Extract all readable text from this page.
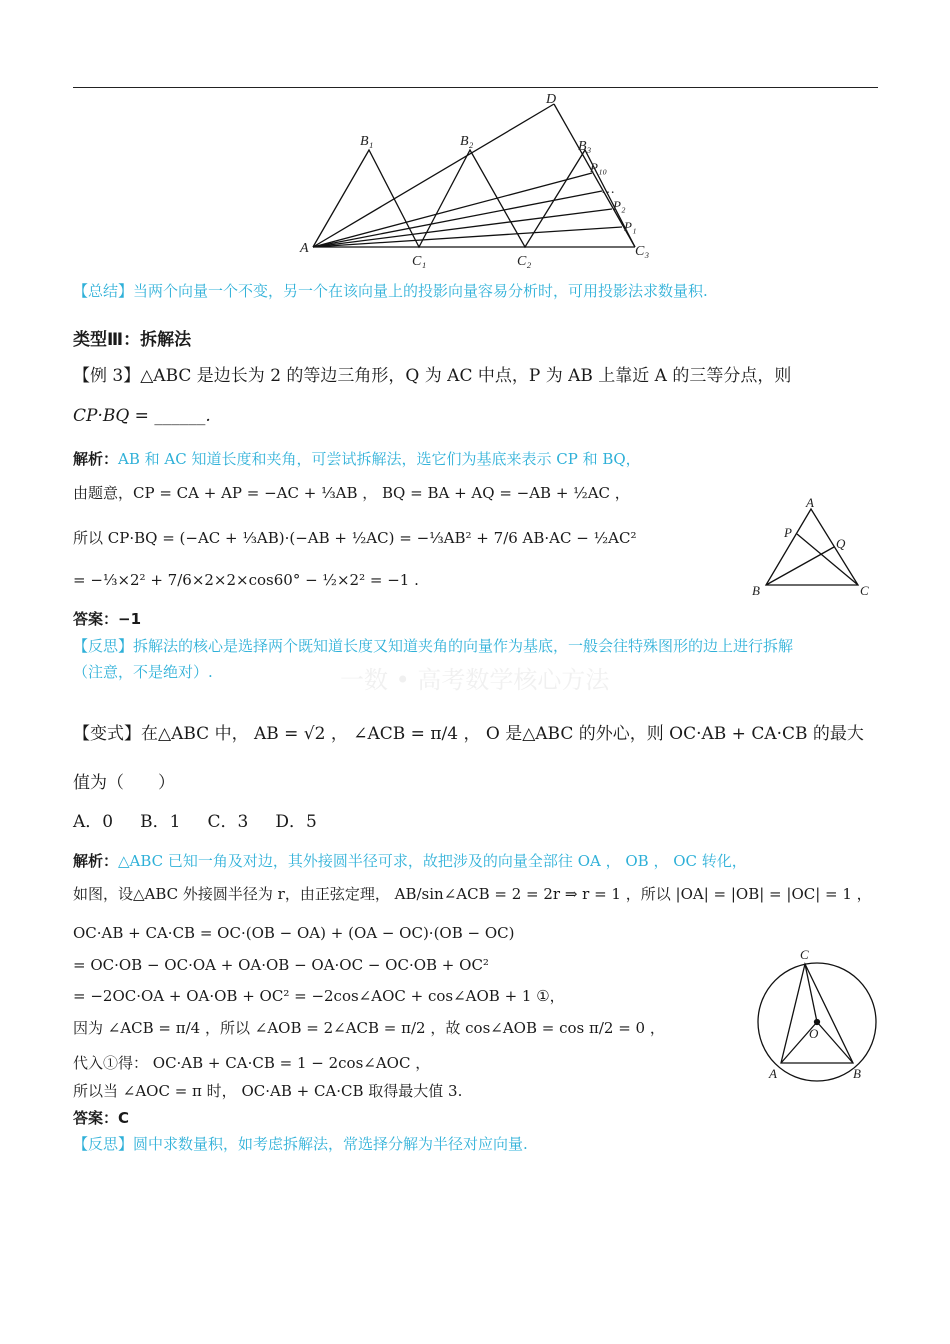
A
B₁	B₂	B₃
C₁	C₂
C₃
D
P₁₀
…
P₂
P₁
【总结】当两个向量一个不变，另一个在该向量上的投影向量容易分析时，可用投影法求数量积.
类型Ⅲ：拆解法
【例 3】△ABC 是边长为 2 的等边三角形，Q 为 AC 中点，P 为 AB 上靠近 A 的三等分点，则
CP·BQ = ______.
解析：AB 和 AC 知道长度和夹角，可尝试拆解法，选它们为基底来表示 CP 和 BQ，
由题意，CP = CA + AP = −AC + ⅓AB ， BQ = BA + AQ = −AB + ½AC ，
所以 CP·BQ = (−AC + ⅓AB)·(−AB + ½AC) = −⅓AB² + 7/6 AB·AC − ½AC²
= −⅓×2² + 7/6×2×2×cos60° − ½×2² = −1 .
答案：−1
A
P
Q
B	C
【反思】拆解法的核心是选择两个既知道长度又知道夹角的向量作为基底，一般会往特殊图形的边上进行拆解
（注意，不是绝对）.	一数 • 高考数学核心方法
【变式】在△ABC 中， AB = √2 ， ∠ACB = π/4 ， O 是△ABC 的外心，则 OC·AB + CA·CB 的最大
值为（　　）
A．0 B．1 C．3 D．5
解析：△ABC 已知一角及对边，其外接圆半径可求，故把涉及的向量全部往 OA ， OB ， OC 转化，
如图，设△ABC 外接圆半径为 r，由正弦定理， AB/sin∠ACB = 2 = 2r ⇒ r = 1 ，所以 |OA| = |OB| = |OC| = 1 ，
OC·AB + CA·CB = OC·(OB − OA) + (OA − OC)·(OB − OC)
= OC·OB − OC·OA + OA·OB − OA·OC − OC·OB + OC²
= −2OC·OA + OA·OB + OC² = −2cos∠AOC + cos∠AOB + 1 ①，
因为 ∠ACB = π/4 ，所以 ∠AOB = 2∠ACB = π/2 ，故 cos∠AOB = cos π/2 = 0 ，
代入①得： OC·AB + CA·CB = 1 − 2cos∠AOC ，
所以当 ∠AOC = π 时， OC·AB + CA·CB 取得最大值 3.
答案：C
【反思】圆中求数量积，如考虑拆解法，常选择分解为半径对应向量.
C
O
A	B
